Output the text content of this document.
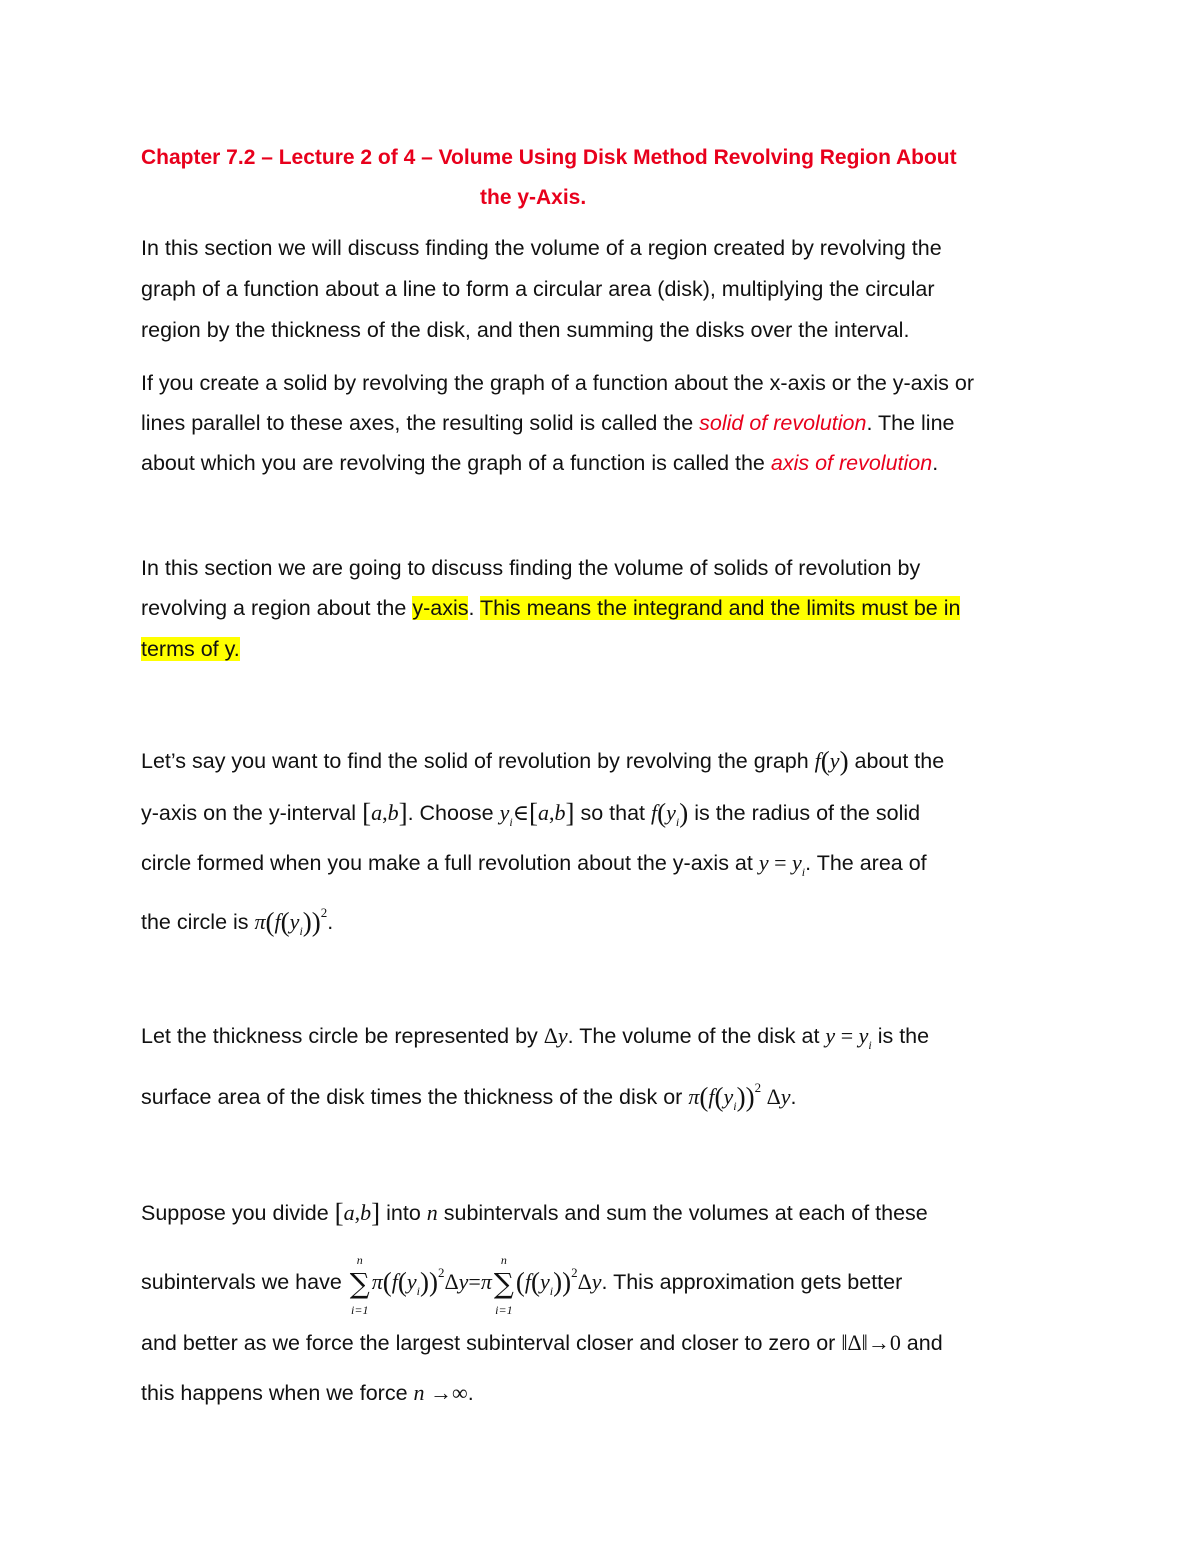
Chapter 7.2 – Lecture 2 of 4 – Volume Using Disk Method Revolving Region About
the y-Axis.
In this section we will discuss finding the volume of a region created by revolving the
graph of a function about a line to form a circular area (disk), multiplying the circular
region by the thickness of the disk, and then summing the disks over the interval.
If you create a solid by revolving the graph of a function about the x-axis or the y-axis or
lines parallel to these axes, the resulting solid is called the solid of revolution. The line
about which you are revolving the graph of a function is called the axis of revolution.
In this section we are going to discuss finding the volume of solids of revolution by
revolving a region about the y-axis. This means the integrand and the limits must be in
terms of y.
Let’s say you want to find the solid of revolution by revolving the graph f(y) about the
y-axis on the y-interval [a,b]. Choose $y_i\in[a,b]$ so that $f(y_i)$ is the radius of the solid
circle formed when you make a full revolution about the y-axis at $y = y_i$. The area of
the circle is $\pi(f(y_i))^2$.
Let the thickness circle be represented by Δy. The volume of the disk at $y = y_i$ is the
surface area of the disk times the thickness of the disk or $\pi(f(y_i))^2$ Δy.
Suppose you divide [a,b] into n subintervals and sum the volumes at each of these
subintervals we have
n
∑
i=1
$\pi(f(y_i))^2\Delta y=\pi$
n
∑
i=1
$(f(y_i))^2\Delta y$. This approximation gets better
and better as we force the largest subinterval closer and closer to zero or ‖Δ‖→0 and
this happens when we force n →∞.
